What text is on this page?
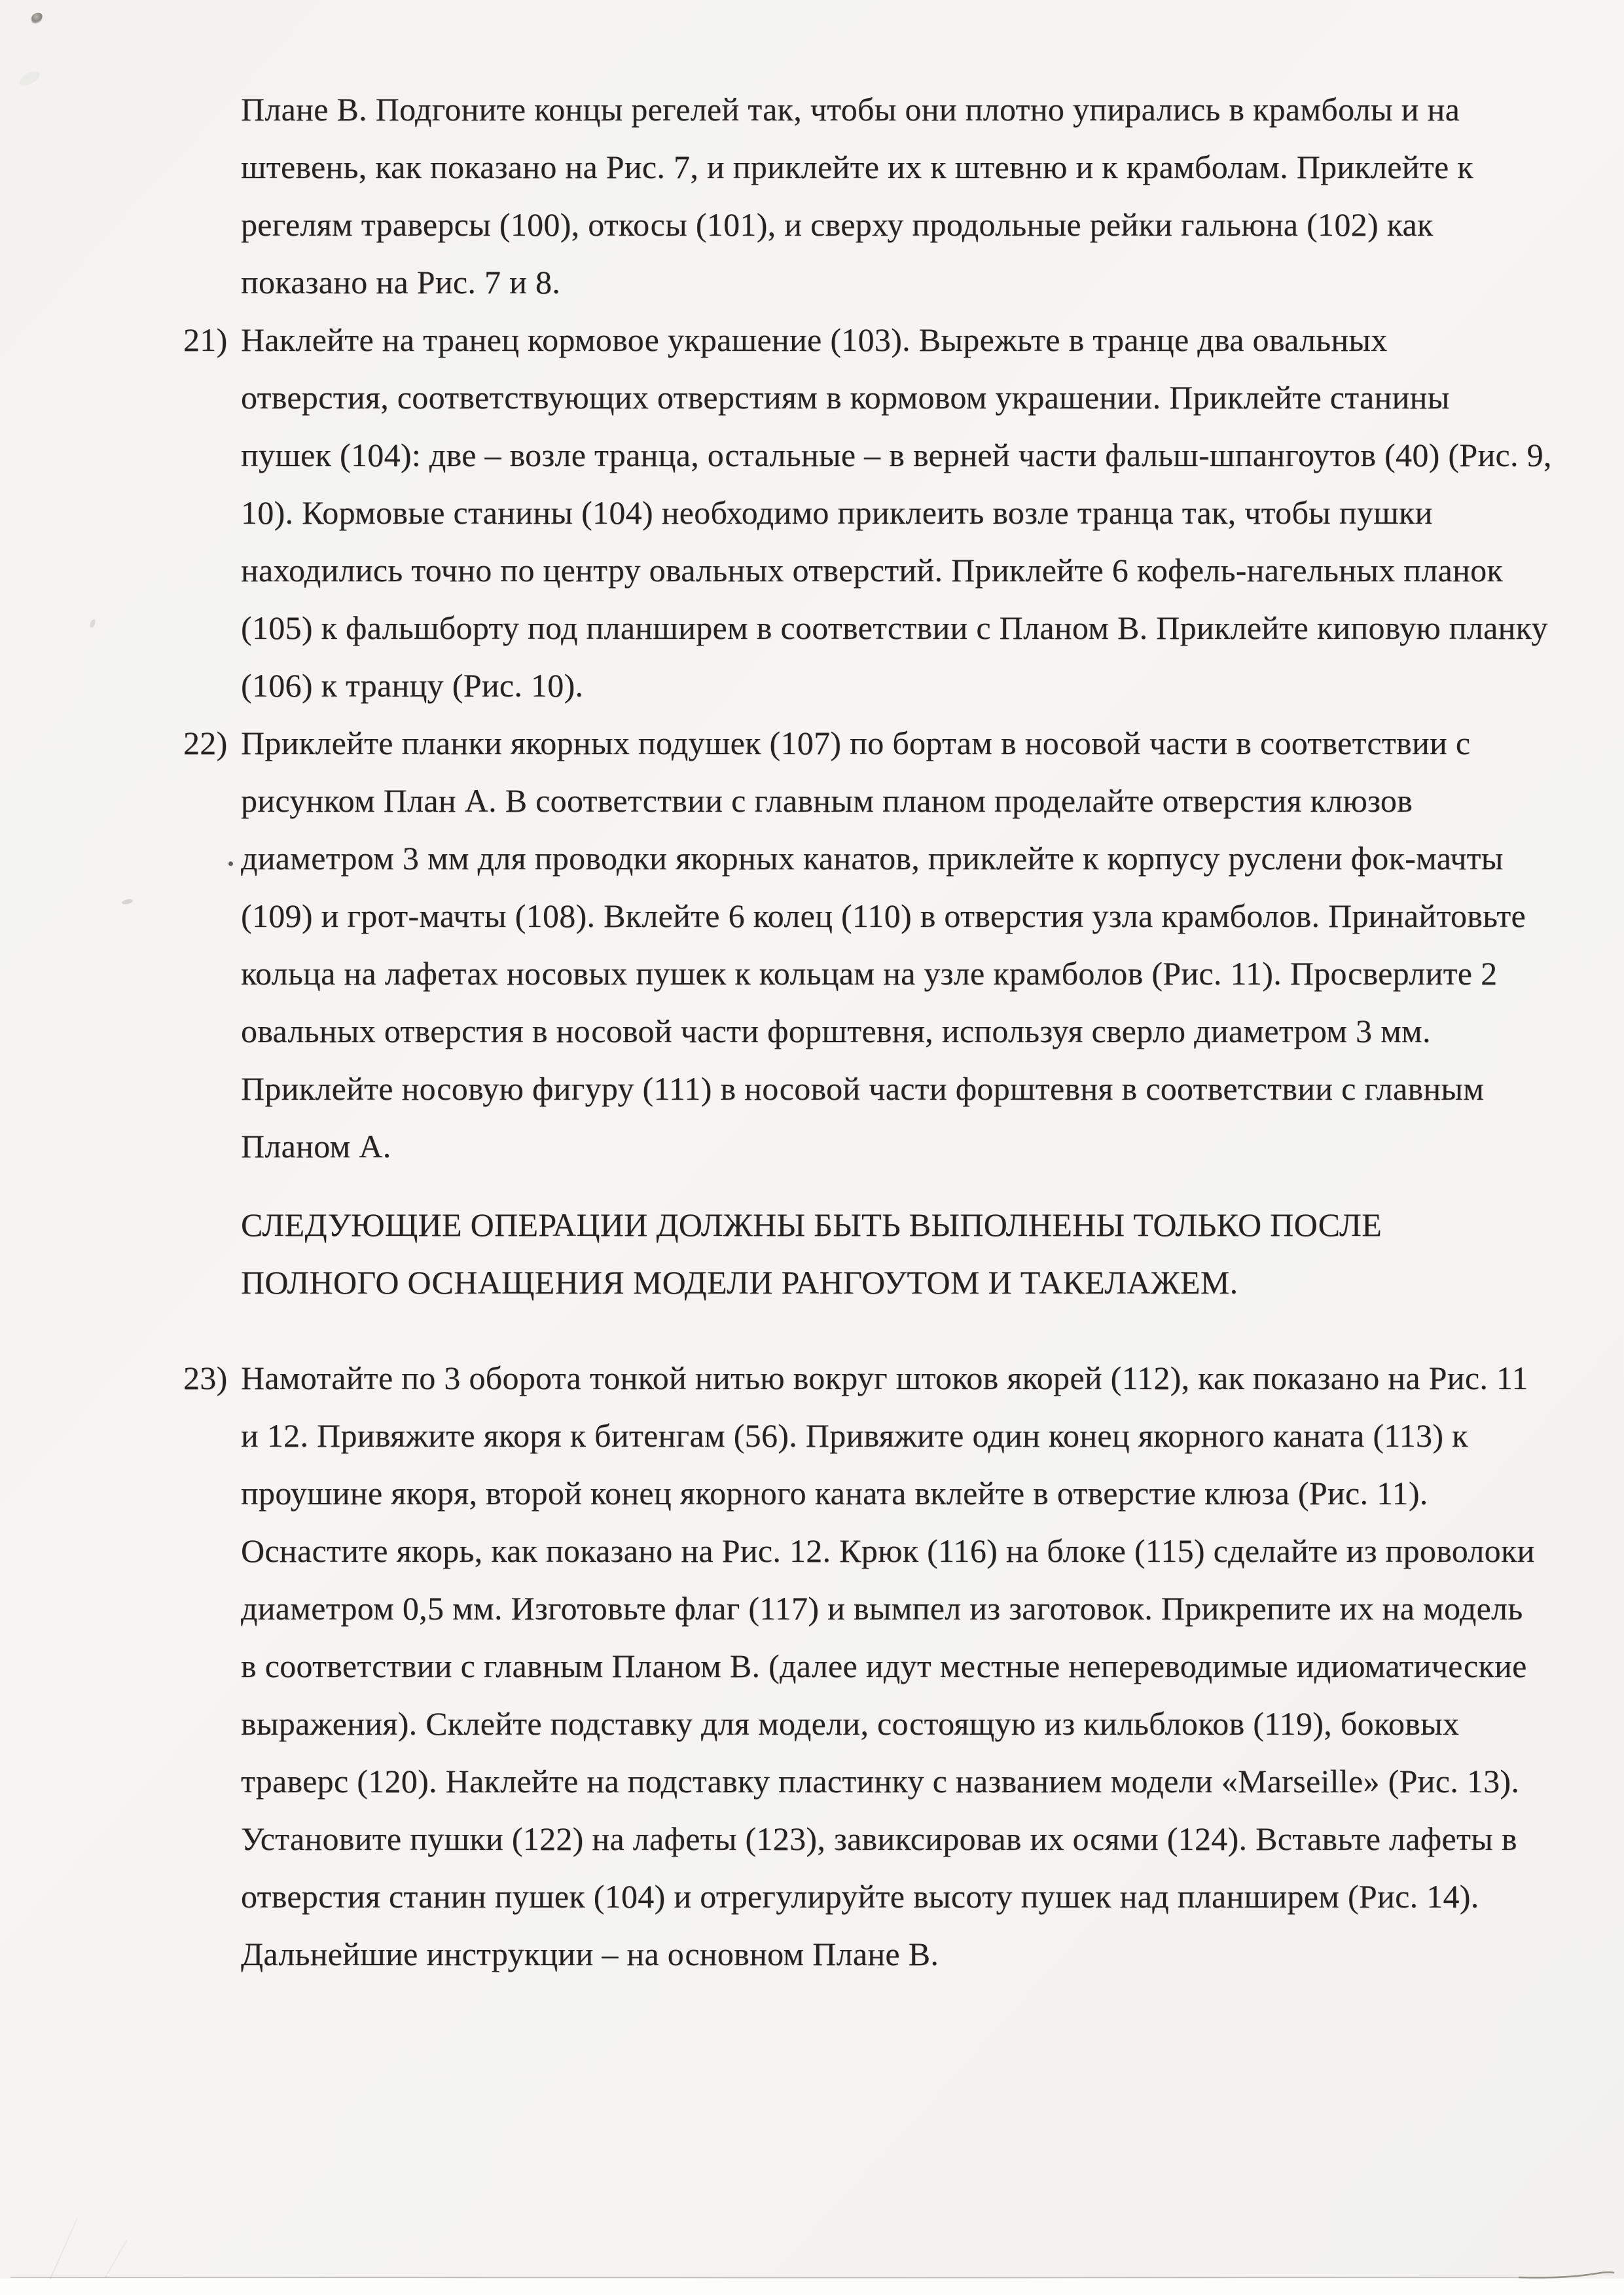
Плане В. Подгоните концы регелей так, чтобы они плотно упирались в крамболы и на
штевень, как показано на Рис. 7, и приклейте их к штевню и к крамболам. Приклейте к
регелям траверсы (100), откосы (101), и сверху продольные рейки гальюна (102) как
показано на Рис. 7 и 8.
21) Наклейте на транец кормовое украшение (103). Вырежьте в транце два овальных
отверстия, соответствующих отверстиям в кормовом украшении. Приклейте станины
пушек (104): две – возле транца, остальные – в верней части фальш-шпангоутов (40) (Рис. 9,
10). Кормовые станины (104) необходимо приклеить возле транца так, чтобы пушки
находились точно по центру овальных отверстий. Приклейте 6 кофель-нагельных планок
(105) к фальшборту под планширем в соответствии с Планом В. Приклейте киповую планку
(106) к транцу (Рис. 10).
22) Приклейте планки якорных подушек (107) по бортам в носовой части в соответствии с
рисунком План А. В соответствии с главным планом проделайте отверстия клюзов
диаметром 3 мм для проводки якорных канатов, приклейте к корпусу руслени фок-мачты
(109) и грот-мачты (108). Вклейте 6 колец (110) в отверстия узла крамболов. Принайтовьте
кольца на лафетах носовых пушек к кольцам на узле крамболов (Рис. 11). Просверлите 2
овальных отверстия в носовой части форштевня, используя сверло диаметром 3 мм.
Приклейте носовую фигуру (111) в носовой части форштевня в соответствии с главным
Планом А.
СЛЕДУЮЩИЕ ОПЕРАЦИИ ДОЛЖНЫ БЫТЬ ВЫПОЛНЕНЫ ТОЛЬКО ПОСЛЕ
ПОЛНОГО ОСНАЩЕНИЯ МОДЕЛИ РАНГОУТОМ И ТАКЕЛАЖЕМ.
23) Намотайте по 3 оборота тонкой нитью вокруг штоков якорей (112), как показано на Рис. 11
и 12. Привяжите якоря к битенгам (56). Привяжите один конец якорного каната (113) к
проушине якоря, второй конец якорного каната вклейте в отверстие клюза (Рис. 11).
Оснастите якорь, как показано на Рис. 12. Крюк (116) на блоке (115) сделайте из проволоки
диаметром 0,5 мм. Изготовьте флаг (117) и вымпел из заготовок. Прикрепите их на модель
в соответствии с главным Планом В. (далее идут местные непереводимые идиоматические
выражения). Склейте подставку для модели, состоящую из кильблоков (119), боковых
траверс (120). Наклейте на подставку пластинку с названием модели «Marseille» (Рис. 13).
Установите пушки (122) на лафеты (123), завиксировав их осями (124). Вставьте лафеты в
отверстия станин пушек (104) и отрегулируйте высоту пушек над планширем (Рис. 14).
Дальнейшие инструкции – на основном Плане В.
